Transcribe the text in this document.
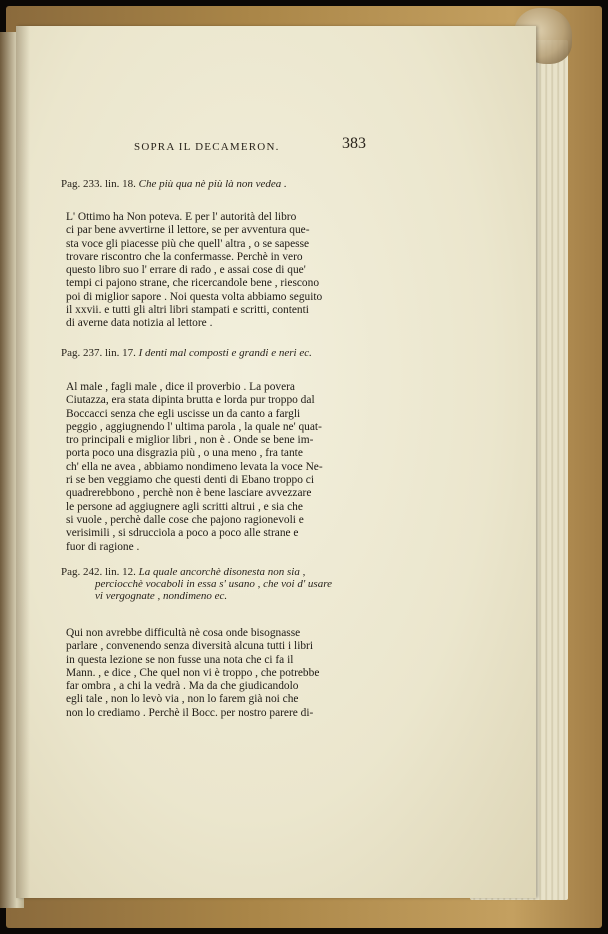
SOPRA IL DECAMERON.	383
Pag. 233. lin. 18. Che più qua nè più là non vedea .
L' Ottimo ha Non poteva. E per l' autorità del libro
ci par bene avvertirne il lettore, se per avventura que-
sta voce gli piacesse più che quell' altra , o se sapesse
trovare riscontro che la confermasse. Perchè in vero
questo libro suo l' errare di rado , e assai cose di que'
tempi ci pajono strane, che ricercandole bene , riescono
poi di miglior sapore . Noi questa volta abbiamo seguito
il xxvii. e tutti gli altri libri stampati e scritti, contenti
di averne data notizia al lettore .
Pag. 237. lin. 17. I denti mal composti e grandi e neri ec.
Al male , fagli male , dice il proverbio . La povera
Ciutazza, era stata dipinta brutta e lorda pur troppo dal
Boccacci senza che egli uscisse un da canto a fargli
peggio , aggiugnendo l' ultima parola , la quale ne' quat-
tro principali e miglior libri , non è . Onde se bene im-
porta poco una disgrazia più , o una meno , fra tante
ch' ella ne avea , abbiamo nondimeno levata la voce Ne-
ri se ben veggiamo che questi denti di Ebano troppo ci
quadrerebbono , perchè non è bene lasciare avvezzare
le persone ad aggiugnere agli scritti altrui , e sia che
si vuole , perchè dalle cose che pajono ragionevoli e
verisimili , si sdrucciola a poco a poco alle strane e
fuor di ragione .
Pag. 242. lin. 12. La quale ancorchè disonesta non sia ,
perciocchè vocaboli in essa s' usano , che voi d' usare
vi vergognate , nondimeno ec.
Qui non avrebbe difficultà nè cosa onde bisognasse
parlare , convenendo senza diversità alcuna tutti i libri
in questa lezione se non fusse una nota che ci fa il
Mann. , e dice , Che quel non vi è troppo , che potrebbe
far ombra , a chi la vedrà . Ma da che giudicandolo
egli tale , non lo levò via , non lo farem già noi che
non lo crediamo . Perchè il Bocc. per nostro parere di-
